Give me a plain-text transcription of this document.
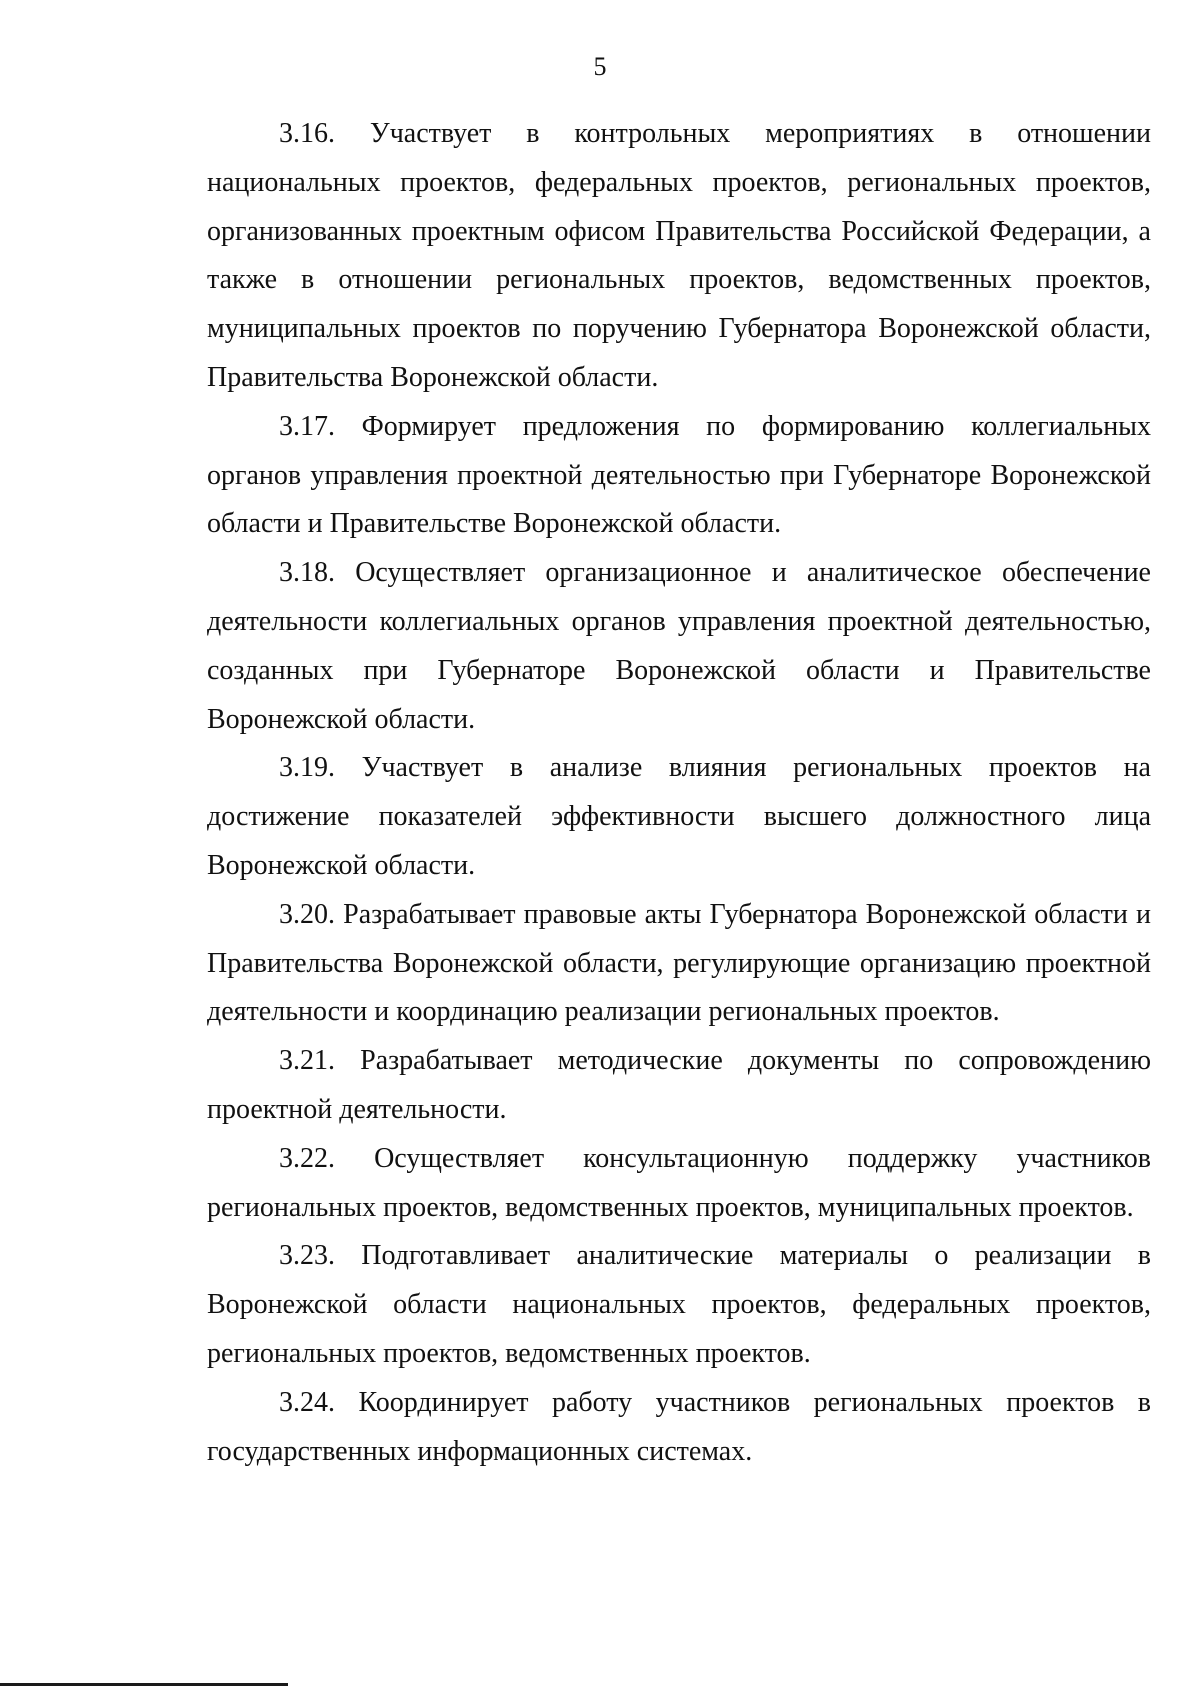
5

3.16. Участвует в контрольных мероприятиях в отношении национальных проектов, федеральных проектов, региональных проектов, организованных проектным офисом Правительства Российской Федерации, а также в отношении региональных проектов, ведомственных проектов, муниципальных проектов по поручению Губернатора Воронежской области, Правительства Воронежской области.

3.17. Формирует предложения по формированию коллегиальных органов управления проектной деятельностью при Губернаторе Воронежской области и Правительстве Воронежской области.

3.18. Осуществляет организационное и аналитическое обеспечение деятельности коллегиальных органов управления проектной деятельностью, созданных при Губернаторе Воронежской области и Правительстве Воронежской области.

3.19. Участвует в анализе влияния региональных проектов на достижение показателей эффективности высшего должностного лица Воронежской области.

3.20. Разрабатывает правовые акты Губернатора Воронежской области и Правительства Воронежской области, регулирующие организацию проектной деятельности и координацию реализации региональных проектов.

3.21. Разрабатывает методические документы по сопровождению проектной деятельности.

3.22. Осуществляет консультационную поддержку участников региональных проектов, ведомственных проектов, муниципальных проектов.

3.23. Подготавливает аналитические материалы о реализации в Воронежской области национальных проектов, федеральных проектов, региональных проектов, ведомственных проектов.

3.24. Координирует работу участников региональных проектов в государственных информационных системах.
